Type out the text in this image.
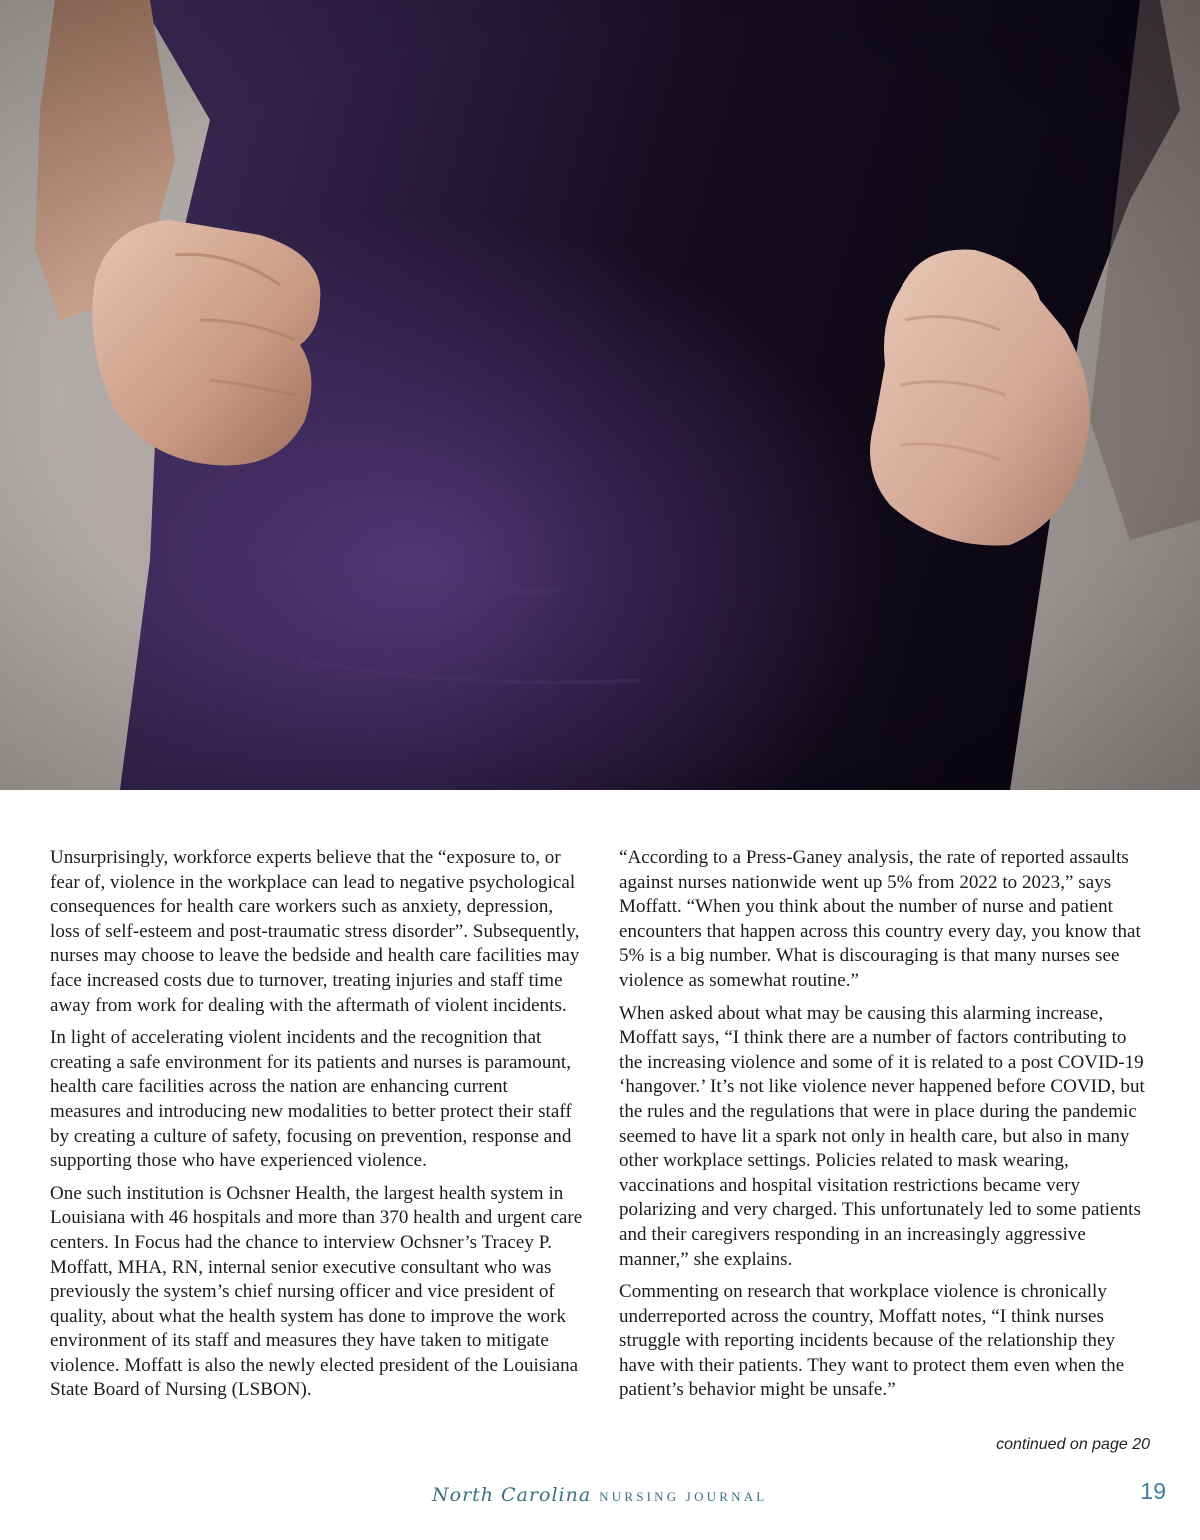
Unsurprisingly, workforce experts believe that the “exposure to, or fear of, violence in the workplace can lead to negative psychological consequences for health care workers such as anxiety, depression, loss of self-esteem and post-traumatic stress disorder”. Subsequently, nurses may choose to leave the bedside and health care facilities may face increased costs due to turnover, treating injuries and staff time away from work for dealing with the aftermath of violent incidents.

In light of accelerating violent incidents and the recognition that creating a safe environment for its patients and nurses is paramount, health care facilities across the nation are enhancing current measures and introducing new modalities to better protect their staff by creating a culture of safety, focusing on prevention, response and supporting those who have experienced violence.

One such institution is Ochsner Health, the largest health system in Louisiana with 46 hospitals and more than 370 health and urgent care centers. In Focus had the chance to interview Ochsner’s Tracey P. Moffatt, MHA, RN, internal senior executive consultant who was previously the system’s chief nursing officer and vice president of quality, about what the health system has done to improve the work environment of its staff and measures they have taken to mitigate violence. Moffatt is also the newly elected president of the Louisiana State Board of Nursing (LSBON).

“According to a Press-Ganey analysis, the rate of reported assaults against nurses nationwide went up 5% from 2022 to 2023,” says Moffatt. “When you think about the number of nurse and patient encounters that happen across this country every day, you know that 5% is a big number. What is discouraging is that many nurses see violence as somewhat routine.”

When asked about what may be causing this alarming increase, Moffatt says, “I think there are a number of factors contributing to the increasing violence and some of it is related to a post COVID-19 ‘hangover.’ It’s not like violence never happened before COVID, but the rules and the regulations that were in place during the pandemic seemed to have lit a spark not only in health care, but also in many other workplace settings. Policies related to mask wearing, vaccinations and hospital visitation restrictions became very polarizing and very charged. This unfortunately led to some patients and their caregivers responding in an increasingly aggressive manner,” she explains.

Commenting on research that workplace violence is chronically underreported across the country, Moffatt notes, “I think nurses struggle with reporting incidents because of the relationship they have with their patients. They want to protect them even when the patient’s behavior might be unsafe.”

continued on page 20
North Carolina NURSING JOURNAL	19
